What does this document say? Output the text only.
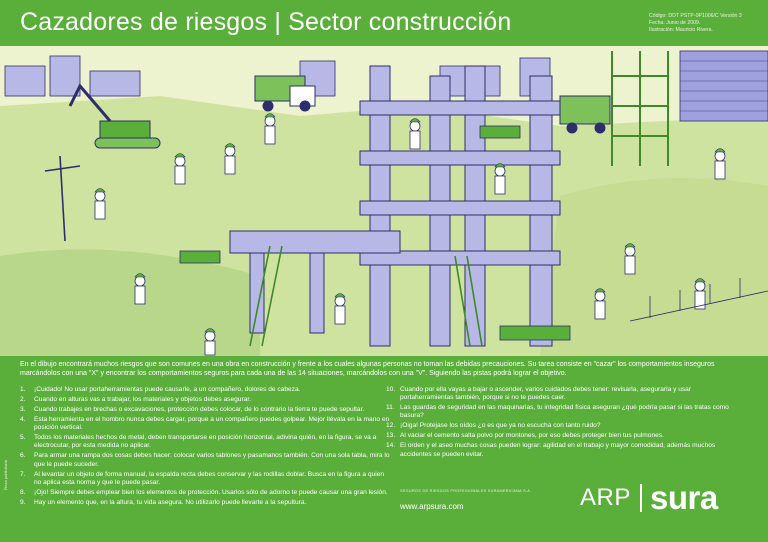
Cazadores de riesgos | Sector construcción	Código: DDT PSTP-0P1006/C Versión 3
Fecha: Junio de 2009.
Ilustración: Mauricio Rivera.
En el dibujo encontrará muchos riesgos que son comunes en una obra en construcción y frente a los cuales algunas personas no toman las debidas precauciones. Su tarea consiste en "cazar" los comportamientos inseguros marcándolos con una "X" y encontrar los comportamientos seguros para cada una de las 14 situaciones, marcándolos con una "V". Siguiendo las pistas podrá lograr el objetivo.
1.	¡Cuidado! No usar portaherramientas puede causarle, a un compañero, dolores de cabeza.
2.	Cuando en alturas vas a trabajar, los materiales y objetos debes asegurar.
3.	Cuando trabajes en brechas o excavaciones, protección debes colocar, de lo contrario la tierra te puede sepultar.
4.	Esta herramienta en el hombro nunca debes cargar, porque a un compañero puedes golpear. Mejor llévala en la mano en posición vertical.
5.	Todos los materiales hechos de metal, deben transportarse en posición horizontal, adivina quién, en la figura, se va a electrocutar, por esta medida no aplicar.
6.	Para armar una rampa dos cosas debes hacer: colocar varios tablones y pasamanos también. Con una sola tabla, mira lo que le puede suceder.
7.	Al levantar un objeto de forma manual, la espalda recta debes conservar y las rodillas doblar. Busca en la figura a quien no aplica esta norma y que le puede pasar.
8.	¡Ojo! Siempre debes emplear bien los elementos de protección. Usarlos sólo de adorno te puede causar una gran lesión.
9.	Hay un elemento que, en la altura, tu vida asegura. No utilizarlo puede llevarte a la sepultura.
10. Cuando por ella vayas a bajar o ascender, varios cuidados debes tener: revisarla, asegurarla y usar portaherramientas también, porque si no te puedes caer.
11. Las guardas de seguridad en las maquinarias, tu integridad física aseguran ¿qué podría pasar si las tratas como basura?
12. ¡Oiga! Protejase los oídos ¿o es que ya no escucha con tanto ruido?
13. Al vaciar el cemento salta polvo por montones, por eso debes proteger bien tus pulmones.
14. El orden y el aseo muchas cosas pueden lograr: agilidad en el trabajo y mayor comodidad, además muchos accidentes se pueden evitar.
Pieza publicitaria
SEGUROS DE RIESGOS PROFESIONALES SURAMERICANA S.A.
www.arpsura.com	ARP sura
